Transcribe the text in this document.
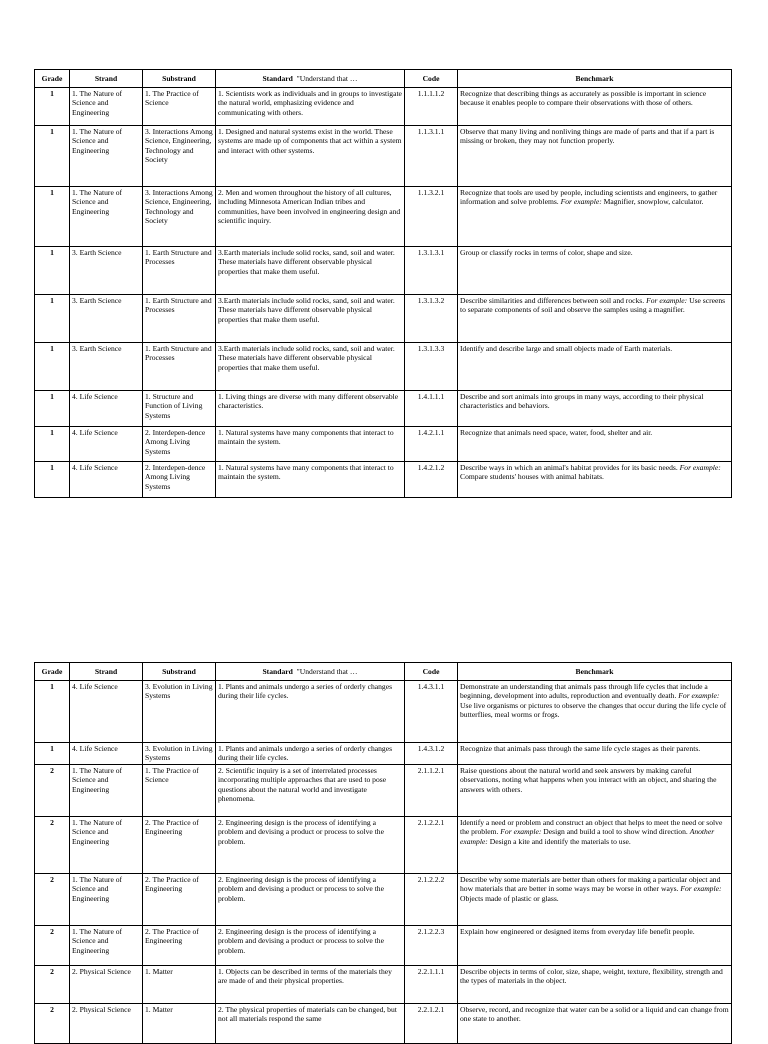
Grade	Strand	Substrand	Standard "Understand that …	Code	Benchmark
1	1. The Nature of Science and Engineering	1. The Practice of Science	1. Scientists work as individuals and in groups to investigate the natural world, emphasizing evidence and communicating with others.	1.1.1.1.2	Recognize that describing things as accurately as possible is important in science because it enables people to compare their observations with those of others.
1	1. The Nature of Science and Engineering	3. Interactions Among Science, Engineering, Technology and Society	1. Designed and natural systems exist in the world. These systems are made up of components that act within a system and interact with other systems.	1.1.3.1.1	Observe that many living and nonliving things are made of parts and that if a part is missing or broken, they may not function properly.
1	1. The Nature of Science and Engineering	3. Interactions Among Science, Engineering, Technology and Society	2. Men and women throughout the history of all cultures, including Minnesota American Indian tribes and communities, have been involved in engineering design and scientific inquiry.	1.1.3.2.1	Recognize that tools are used by people, including scientists and engineers, to gather information and solve problems. For example: Magnifier, snowplow, calculator.
1	3. Earth Science	1. Earth Structure and Processes	3.Earth materials include solid rocks, sand, soil and water. These materials have different observable physical properties that make them useful.	1.3.1.3.1	Group or classify rocks in terms of color, shape and size.
1	3. Earth Science	1. Earth Structure and Processes	3.Earth materials include solid rocks, sand, soil and water. These materials have different observable physical properties that make them useful.	1.3.1.3.2	Describe similarities and differences between soil and rocks. For example: Use screens to separate components of soil and observe the samples using a magnifier.
1	3. Earth Science	1. Earth Structure and Processes	3.Earth materials include solid rocks, sand, soil and water. These materials have different observable physical properties that make them useful.	1.3.1.3.3	Identify and describe large and small objects made of Earth materials.
1	4. Life Science	1. Structure and Function of Living Systems	1. Living things are diverse with many different observable characteristics.	1.4.1.1.1	Describe and sort animals into groups in many ways, according to their physical characteristics and behaviors.
1	4. Life Science	2. Interdepen-dence Among Living Systems	1. Natural systems have many components that interact to maintain the system.	1.4.2.1.1	Recognize that animals need space, water, food, shelter and air.
1	4. Life Science	2. Interdepen-dence Among Living Systems	1. Natural systems have many components that interact to maintain the system.	1.4.2.1.2	Describe ways in which an animal's habitat provides for its basic needs. For example: Compare students' houses with animal habitats.
Grade	Strand	Substrand	Standard "Understand that …	Code	Benchmark
1	4. Life Science	3. Evolution in Living Systems	1. Plants and animals undergo a series of orderly changes during their life cycles.	1.4.3.1.1	Demonstrate an understanding that animals pass through life cycles that include a beginning, development into adults, reproduction and eventually death. For example: Use live organisms or pictures to observe the changes that occur during the life cycle of butterflies, meal worms or frogs.
1	4. Life Science	3. Evolution in Living Systems	1. Plants and animals undergo a series of orderly changes during their life cycles.	1.4.3.1.2	Recognize that animals pass through the same life cycle stages as their parents.
2	1. The Nature of Science and Engineering	1. The Practice of Science	2. Scientific inquiry is a set of interrelated processes incorporating multiple approaches that are used to pose questions about the natural world and investigate phenomena.	2.1.1.2.1	Raise questions about the natural world and seek answers by making careful observations, noting what happens when you interact with an object, and sharing the answers with others.
2	1. The Nature of Science and Engineering	2. The Practice of Engineering	2. Engineering design is the process of identifying a problem and devising a product or process to solve the problem.	2.1.2.2.1	Identify a need or problem and construct an object that helps to meet the need or solve the problem. For example: Design and build a tool to show wind direction. Another example: Design a kite and identify the materials to use.
2	1. The Nature of Science and Engineering	2. The Practice of Engineering	2. Engineering design is the process of identifying a problem and devising a product or process to solve the problem.	2.1.2.2.2	Describe why some materials are better than others for making a particular object and how materials that are better in some ways may be worse in other ways. For example: Objects made of plastic or glass.
2	1. The Nature of Science and Engineering	2. The Practice of Engineering	2. Engineering design is the process of identifying a problem and devising a product or process to solve the problem.	2.1.2.2.3	Explain how engineered or designed items from everyday life benefit people.
2	2. Physical Science	1. Matter	1. Objects can be described in terms of the materials they are made of and their physical properties.	2.2.1.1.1	Describe objects in terms of color, size, shape, weight, texture, flexibility, strength and the types of materials in the object.
2	2. Physical Science	1. Matter	2. The physical properties of materials can be changed, but not all materials respond the same	2.2.1.2.1	Observe, record, and recognize that water can be a solid or a liquid and can change from one state to another.
